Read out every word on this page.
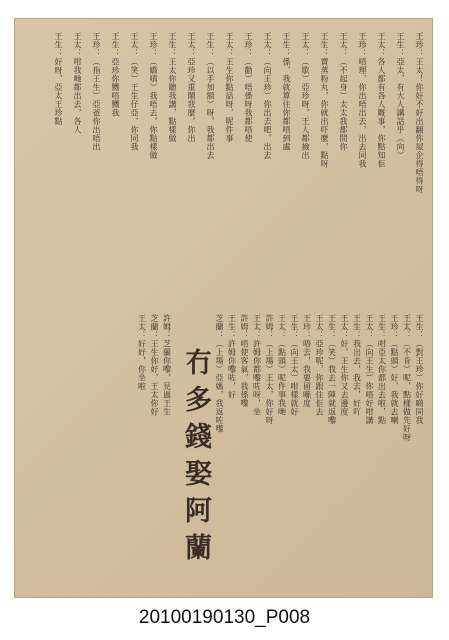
冇多錢娶阿蘭
王珍：王太！你好不好出翻你屋企得唔得呀
王生：亞太，有大人講話乎（向）
王太：各人都有各人嘅事，你點知佢
王珍：唔理，你出唔出去，出去同我
王太：（不起身）太太我都問你
王生：賣蒸粉丸，你就出吓麼，點呀
王太：（歇）亞珍呀，王人都撿出
王生：係，我就算住你都唔到處
王太：（向王珍）你出去吧，出去
王珍：（勸）唔係呀我都唔使
王太：王生你點話呀，呢件事
王生：（以手加額）呀，我都出去
王太：亞珍又重鬧我麼，你出
王生：王太你聽我講，點樣做
王珍：（嬌嗔）我唔去，你點樣做
王太：（笑）王生仔亞，你同我
王生：亞珍你嬲唔嬲我
王珍：（指王生）亞爸你出唔出
王太：咁我哋都出去，各人
王生：好呀，亞太王珍點
王生：（對王珍）你好啲同我
王太：（不肯）呢，點樣做先好呀
王珍：（點頭）好，我就去喇
王生：咁亞太你都出去啦，點
王太：（向王生）你唔好咁講
王生：我出去，我去，好吖
王太：好，王生你又去邊度
王生：（笑）我去一陣就返嚟
王太：亞珍呢，你跟住佢去
王珍：唔去，我要留喺度
王生：（向王太）咁樣就好
王太：（點頭）呢件事我哋
許姆：（上場）王太，你好呀
王太：許姆你都嚟咗呀，坐
許姆：唔使客氣，我係嚟
王生：許姆你嚟咗，好
芝蘭：（上場）亞媽，我返咗嚟
許姆：芝蘭你嚟，見過王生
芝蘭：王生你好，王太你好
王太：好好，你坐啦
20100190130_P008
